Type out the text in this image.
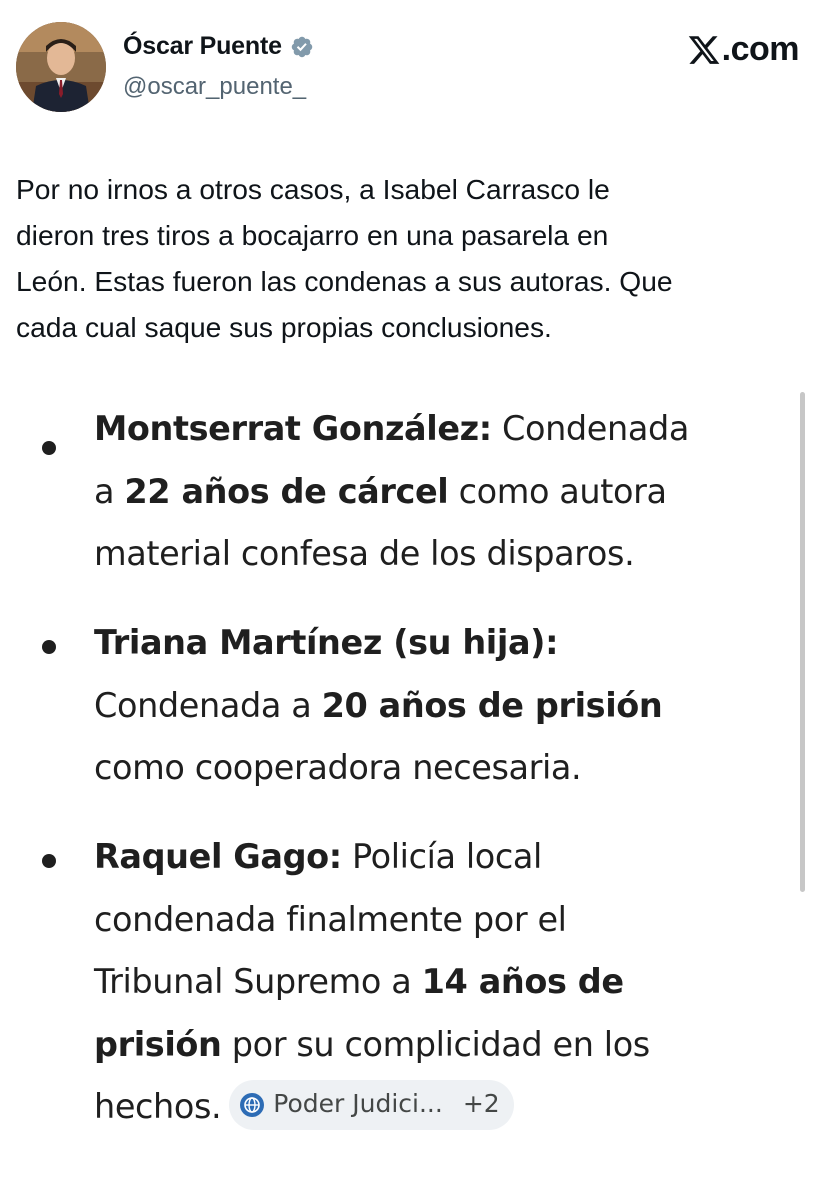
Óscar Puente
@oscar_puente_
.com
Por no irnos a otros casos, a Isabel Carrasco le
dieron tres tiros a bocajarro en una pasarela en
León. Estas fueron las condenas a sus autoras. Que
cada cual saque sus propias conclusiones.
Montserrat González: Condenada
a 22 años de cárcel como autora
material confesa de los disparos.
Triana Martínez (su hija):
Condenada a 20 años de prisión
como cooperadora necesaria.
Raquel Gago: Policía local
condenada finalmente por el
Tribunal Supremo a 14 años de
prisión por su complicidad en los
hechos. Poder Judici... +2
